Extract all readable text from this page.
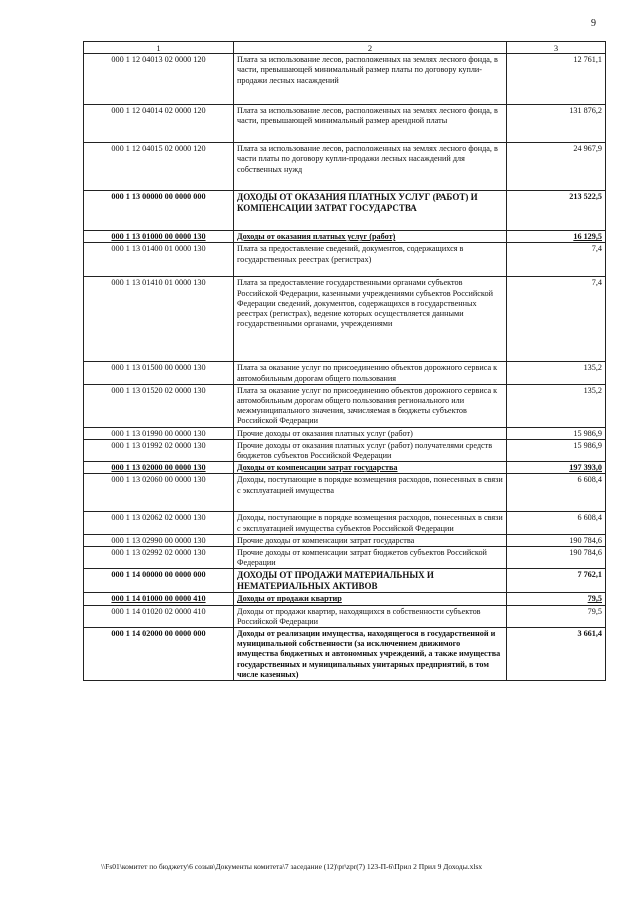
9
1	2	3
000 1 12 04013 02 0000 120	Плата за использование лесов, расположенных на землях лесного фонда, в части, превышающей минимальный размер платы по договору купли-продажи лесных насаждений	12 761,1
000 1 12 04014 02 0000 120	Плата за использование лесов, расположенных на землях лесного фонда, в части, превышающей минимальный размер арендной платы	131 876,2
000 1 12 04015 02 0000 120	Плата за использование лесов, расположенных на землях лесного фонда, в части платы по договору купли-продажи лесных насаждений для собственных нужд	24 967,9
000 1 13 00000 00 0000 000	ДОХОДЫ ОТ ОКАЗАНИЯ ПЛАТНЫХ УСЛУГ (РАБОТ) И КОМПЕНСАЦИИ ЗАТРАТ ГОСУДАРСТВА	213 522,5
000 1 13 01000 00 0000 130	Доходы от оказания платных услуг (работ)	16 129,5
000 1 13 01400 01 0000 130	Плата за предоставление сведений, документов, содержащихся в государственных реестрах (регистрах)	7,4
000 1 13 01410 01 0000 130	Плата за предоставление государственными органами субъектов Российской Федерации, казенными учреждениями субъектов Российской Федерации сведений, документов, содержащихся в государственных реестрах (регистрах), ведение которых осуществляется данными государственными органами, учреждениями	7,4
000 1 13 01500 00 0000 130	Плата за оказание услуг по присоединению объектов дорожного сервиса к автомобильным дорогам общего пользования	135,2
000 1 13 01520 02 0000 130	Плата за оказание услуг по присоединению объектов дорожного сервиса к автомобильным дорогам общего пользования регионального или межмуниципального значения, зачисляемая в бюджеты субъектов Российской Федерации	135,2
000 1 13 01990 00 0000 130	Прочие доходы от оказания платных услуг (работ)	15 986,9
000 1 13 01992 02 0000 130	Прочие доходы от оказания платных услуг (работ) получателями средств бюджетов субъектов Российской Федерации	15 986,9
000 1 13 02000 00 0000 130	Доходы от компенсации затрат государства	197 393,0
000 1 13 02060 00 0000 130	Доходы, поступающие в порядке возмещения расходов, понесенных в связи с эксплуатацией имущества	6 608,4
000 1 13 02062 02 0000 130	Доходы, поступающие в порядке возмещения расходов, понесенных в связи с эксплуатацией имущества субъектов Российской Федерации	6 608,4
000 1 13 02990 00 0000 130	Прочие доходы от компенсации затрат государства	190 784,6
000 1 13 02992 02 0000 130	Прочие доходы от компенсации затрат бюджетов субъектов Российской Федерации	190 784,6
000 1 14 00000 00 0000 000	ДОХОДЫ ОТ ПРОДАЖИ МАТЕРИАЛЬНЫХ И НЕМАТЕРИАЛЬНЫХ АКТИВОВ	7 762,1
000 1 14 01000 00 0000 410	Доходы от продажи квартир	79,5
000 1 14 01020 02 0000 410	Доходы от продажи квартир, находящихся в собственности субъектов Российской Федерации	79,5
000 1 14 02000 00 0000 000	Доходы от реализации имущества, находящегося в государственной и муниципальной собственности (за исключением движимого имущества бюджетных и автономных учреждений, а также имущества государственных и муниципальных унитарных предприятий, в том числе казенных)	3 661,4
\\Fs01\комитет по бюджету\6 созыв\Документы комитета\7 заседание (12)\pr\zpr(7) 123-П-6\Прил 2 Прил 9 Доходы.xlsx
